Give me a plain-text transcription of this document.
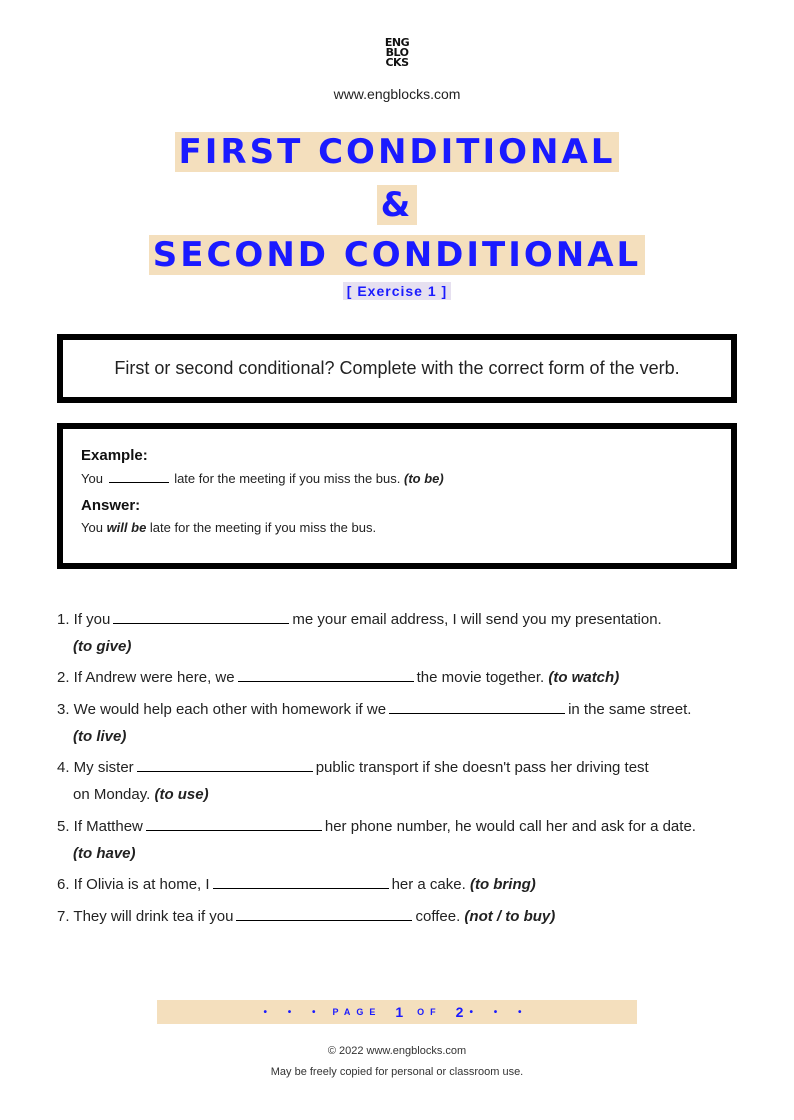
ENG
BLO
CKS
www.engblocks.com
FIRST CONDITIONAL
&
SECOND CONDITIONAL
[ Exercise 1 ]
First or second conditional? Complete with the correct form of the verb.
Example:
You	late for the meeting if you miss the bus. (to be)
Answer:
You will be late for the meeting if you miss the bus.
1. If you	me your email address, I will send you my presentation.
(to give)
2. If Andrew were here, we	the movie together. (to watch)
3. We would help each other with homework if we	in the same street.
(to live)
4. My sister	public transport if she doesn't pass her driving test
on Monday. (to use)
5. If Matthew	her phone number, he would call her and ask for a date.
(to have)
6. If Olivia is at home, I	her a cake. (to bring)
7. They will drink tea if you	coffee. (not / to buy)
• • • PAGE 1 OF 2 • • •
© 2022 www.engblocks.com
May be freely copied for personal or classroom use.
